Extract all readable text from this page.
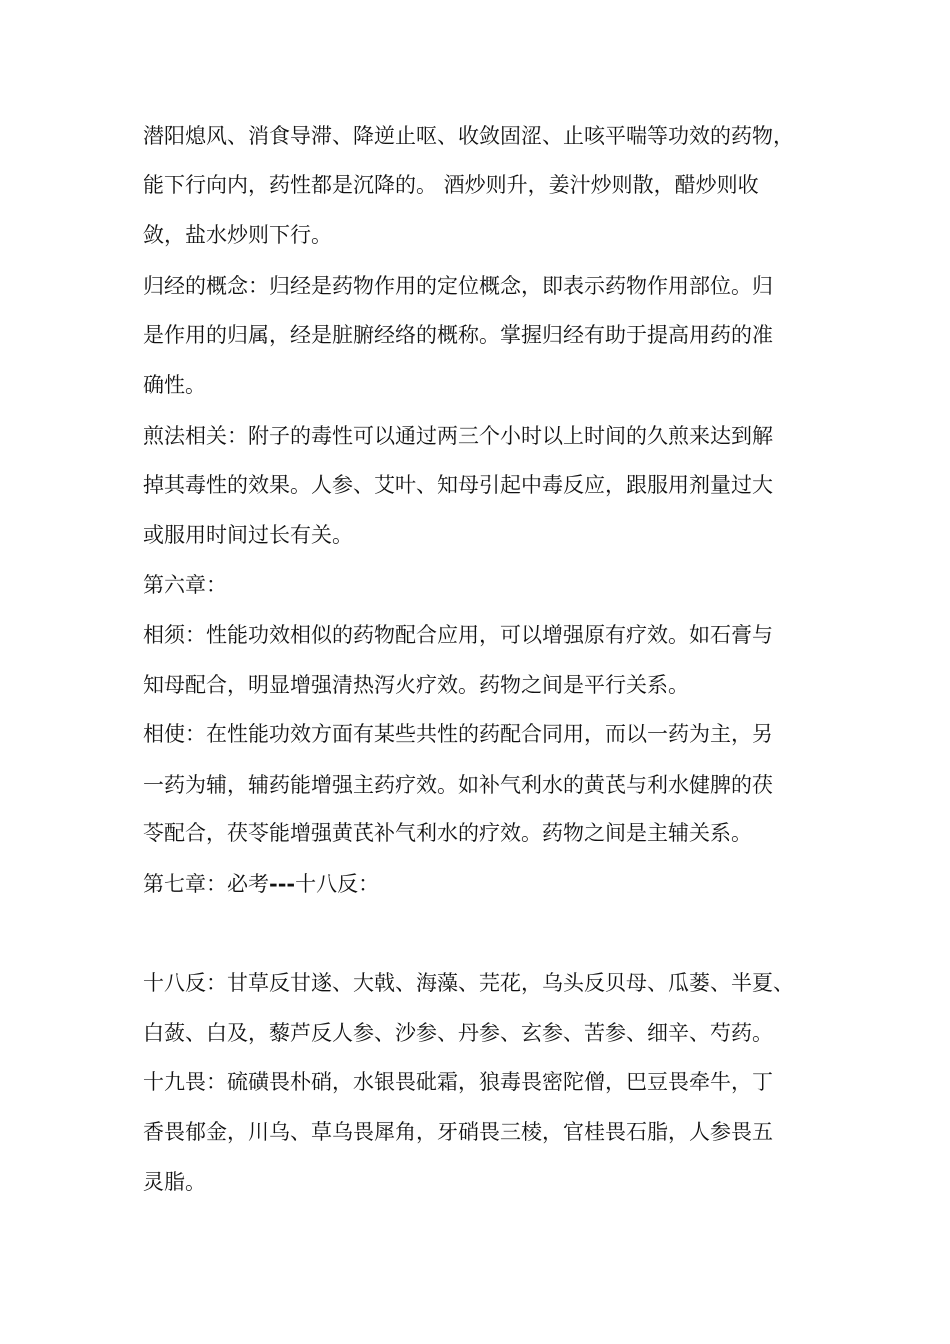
潜阳熄风、消食导滞、降逆止呕、收敛固涩、止咳平喘等功效的药物，
能下行向内，药性都是沉降的。 酒炒则升，姜汁炒则散，醋炒则收
敛，盐水炒则下行。
归经的概念：归经是药物作用的定位概念，即表示药物作用部位。归
是作用的归属，经是脏腑经络的概称。掌握归经有助于提高用药的准
确性。
煎法相关：附子的毒性可以通过两三个小时以上时间的久煎来达到解
掉其毒性的效果。人参、艾叶、知母引起中毒反应，跟服用剂量过大
或服用时间过长有关。
第六章：
相须：性能功效相似的药物配合应用，可以增强原有疗效。如石膏与
知母配合，明显增强清热泻火疗效。药物之间是平行关系。
相使：在性能功效方面有某些共性的药配合同用，而以一药为主，另
一药为辅，辅药能增强主药疗效。如补气利水的黄芪与利水健脾的茯
苓配合，茯苓能增强黄芪补气利水的疗效。药物之间是主辅关系。
第七章：必考---十八反：
十八反：甘草反甘遂、大戟、海藻、芫花，乌头反贝母、瓜蒌、半夏、
白蔹、白及，藜芦反人参、沙参、丹参、玄参、苦参、细辛、芍药。
十九畏：硫磺畏朴硝，水银畏砒霜，狼毒畏密陀僧，巴豆畏牵牛，丁
香畏郁金，川乌、草乌畏犀角，牙硝畏三棱，官桂畏石脂，人参畏五
灵脂。
